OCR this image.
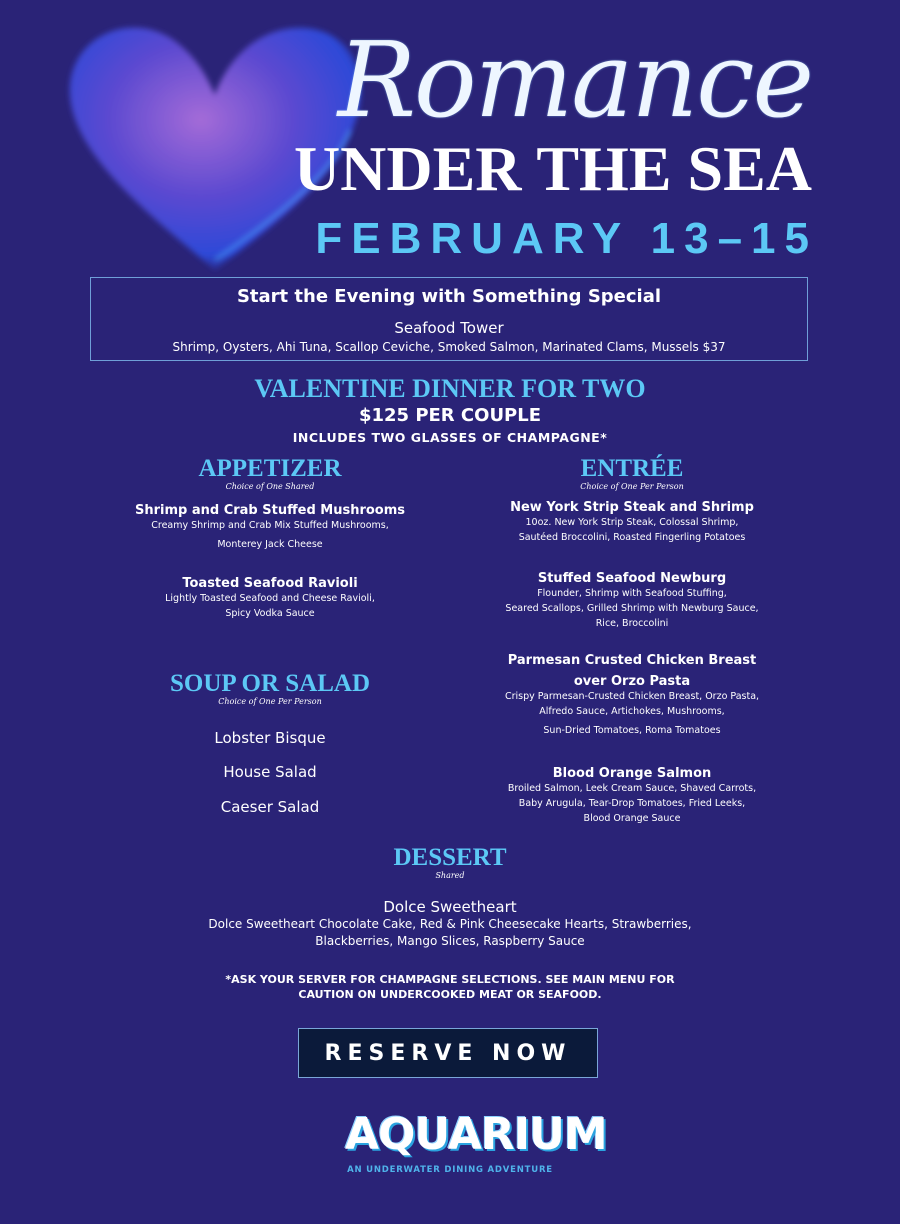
Romance
UNDER THE SEA
FEBRUARY 13–15
Start the Evening with Something Special
Seafood Tower
Shrimp, Oysters, Ahi Tuna, Scallop Ceviche, Smoked Salmon, Marinated Clams, Mussels $37
VALENTINE DINNER FOR TWO
$125 PER COUPLE
INCLUDES TWO GLASSES OF CHAMPAGNE*
APPETIZER
Choice of One Shared
Shrimp and Crab Stuffed Mushrooms
Creamy Shrimp and Crab Mix Stuffed Mushrooms,
Monterey Jack Cheese
Toasted Seafood Ravioli
Lightly Toasted Seafood and Cheese Ravioli,
Spicy Vodka Sauce
SOUP OR SALAD
Choice of One Per Person
Lobster Bisque
House Salad
Caeser Salad
ENTRÉE
Choice of One Per Person
New York Strip Steak and Shrimp
10oz. New York Strip Steak, Colossal Shrimp,
Sautéed Broccolini, Roasted Fingerling Potatoes
Stuffed Seafood Newburg
Flounder, Shrimp with Seafood Stuffing,
Seared Scallops, Grilled Shrimp with Newburg Sauce,
Rice, Broccolini
Parmesan Crusted Chicken Breast
over Orzo Pasta
Crispy Parmesan-Crusted Chicken Breast, Orzo Pasta,
Alfredo Sauce, Artichokes, Mushrooms,
Sun-Dried Tomatoes, Roma Tomatoes
Blood Orange Salmon
Broiled Salmon, Leek Cream Sauce, Shaved Carrots,
Baby Arugula, Tear-Drop Tomatoes, Fried Leeks,
Blood Orange Sauce
DESSERT
Shared
Dolce Sweetheart
Dolce Sweetheart Chocolate Cake, Red & Pink Cheesecake Hearts, Strawberries,
Blackberries, Mango Slices, Raspberry Sauce
*ASK YOUR SERVER FOR CHAMPAGNE SELECTIONS. SEE MAIN MENU FOR
CAUTION ON UNDERCOOKED MEAT OR SEAFOOD.
RESERVE NOW
AQUARIUM
AN UNDERWATER DINING ADVENTURE
